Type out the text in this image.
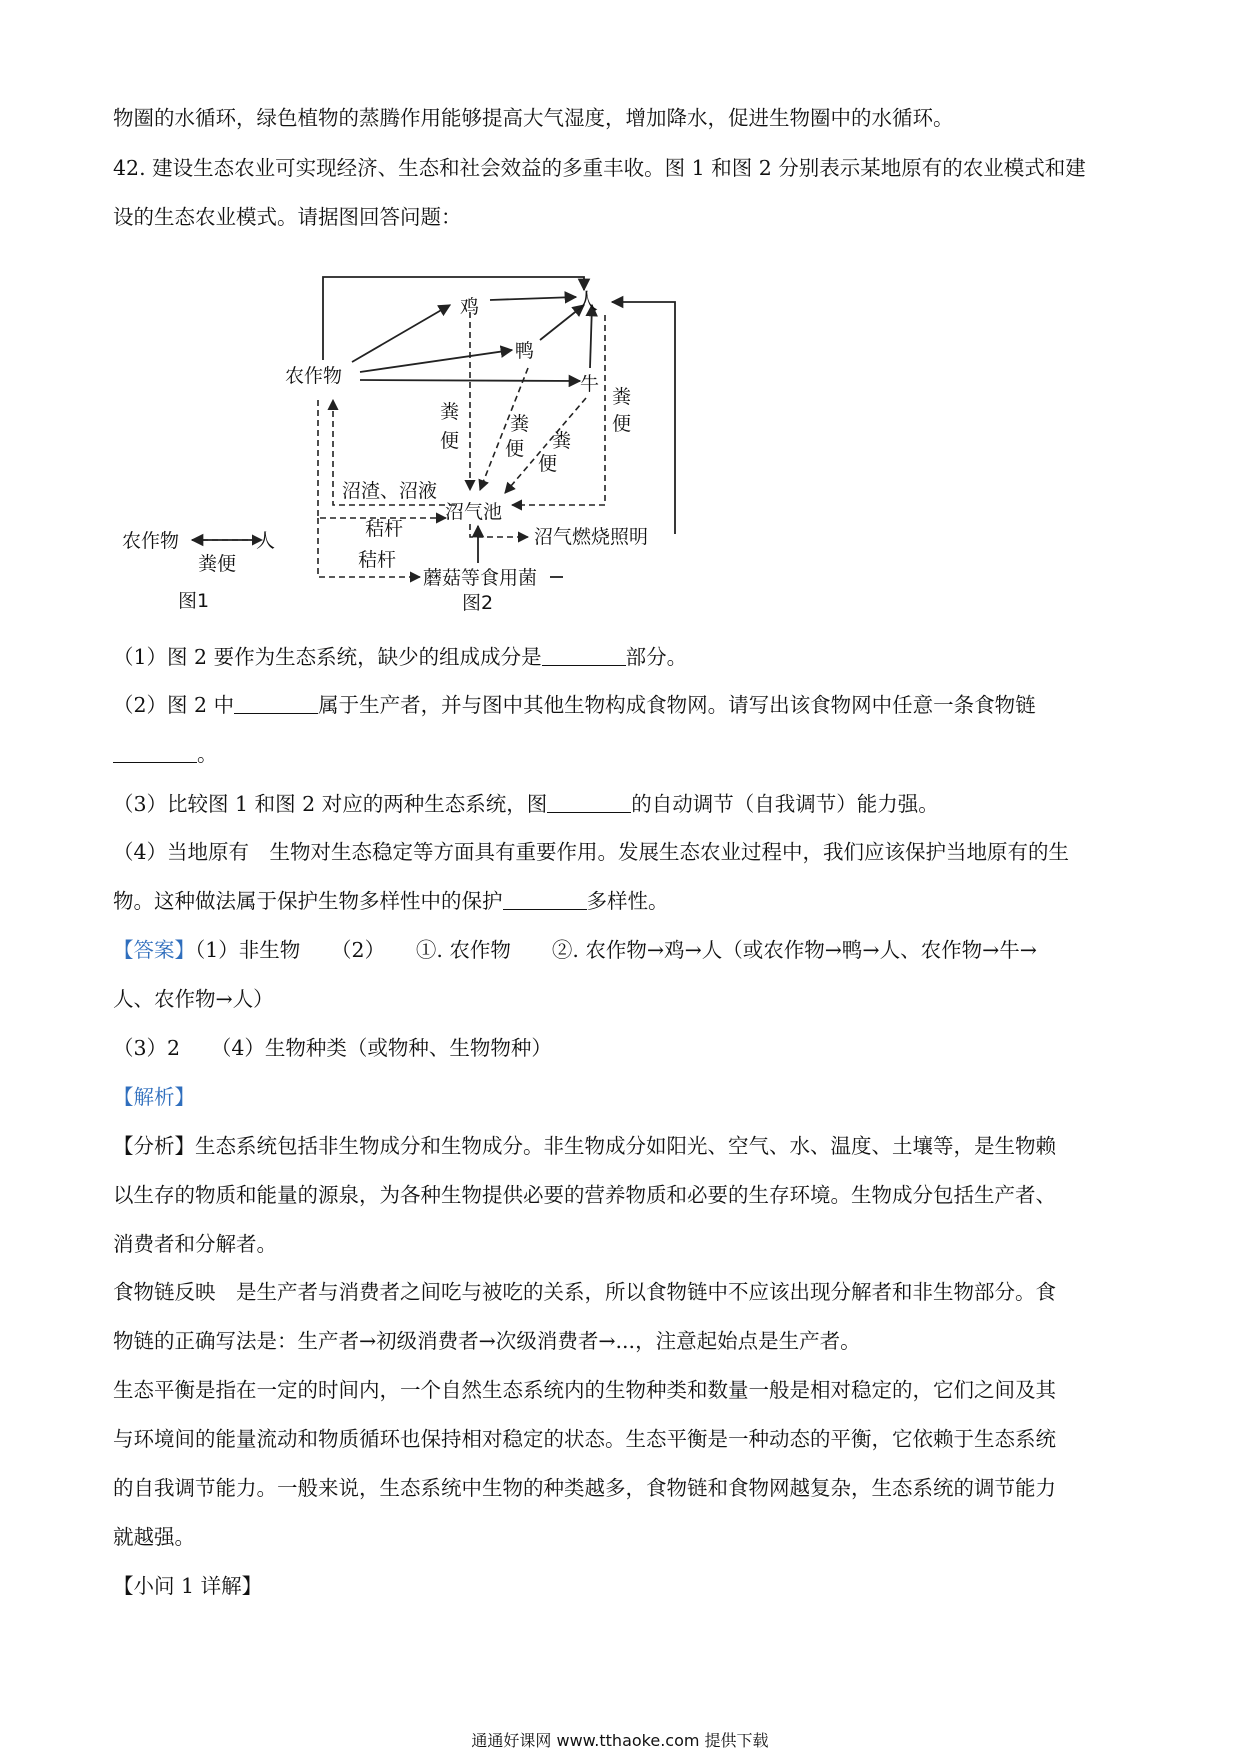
物圈的水循环，绿色植物的蒸腾作用能够提高大气湿度，增加降水，促进生物圈中的水循环。
42. 建设生态农业可实现经济、生态和社会效益的多重丰收。图 1 和图 2 分别表示某地原有的农业模式和建
设的生态农业模式。请据图回答问题：
鸡	人
鸭
农作物	牛
粪
便
粪
便 粪
便
粪
便
沼渣、沼液
沼气池
秸杆
秸杆
沼气燃烧照明
蘑菇等食用菌
图2
农作物	人
粪便
图1
（1）图 2 要作为生态系统，缺少的组成成分是	部分。
（2）图 2 中	属于生产者，并与图中其他生物构成食物网。请写出该食物网中任意一条食物链
。
（3）比较图 1 和图 2 对应的两种生态系统，图	的自动调节（自我调节）能力强。
（4）当地原有　生物对生态稳定等方面具有重要作用。发展生态农业过程中，我们应该保护当地原有的生
物。这种做法属于保护生物多样性中的保护	多样性。
【答案】（1）非生物　　（2）　　①. 农作物　　②. 农作物→鸡→人（或农作物→鸭→人、农作物→牛→
人、农作物→人）
（3）2　　（4）生物种类（或物种、生物物种）
【解析】
【分析】生态系统包括非生物成分和生物成分。非生物成分如阳光、空气、水、温度、土壤等，是生物赖
以生存的物质和能量的源泉，为各种生物提供必要的营养物质和必要的生存环境。生物成分包括生产者、
消费者和分解者。
食物链反映　是生产者与消费者之间吃与被吃的关系，所以食物链中不应该出现分解者和非生物部分。食
物链的正确写法是：生产者→初级消费者→次级消费者→...，注意起始点是生产者。
生态平衡是指在一定的时间内，一个自然生态系统内的生物种类和数量一般是相对稳定的，它们之间及其
与环境间的能量流动和物质循环也保持相对稳定的状态。生态平衡是一种动态的平衡，它依赖于生态系统
的自我调节能力。一般来说，生态系统中生物的种类越多，食物链和食物网越复杂，生态系统的调节能力
就越强。
【小问 1 详解】
通通好课网 www.tthaoke.com 提供下载
